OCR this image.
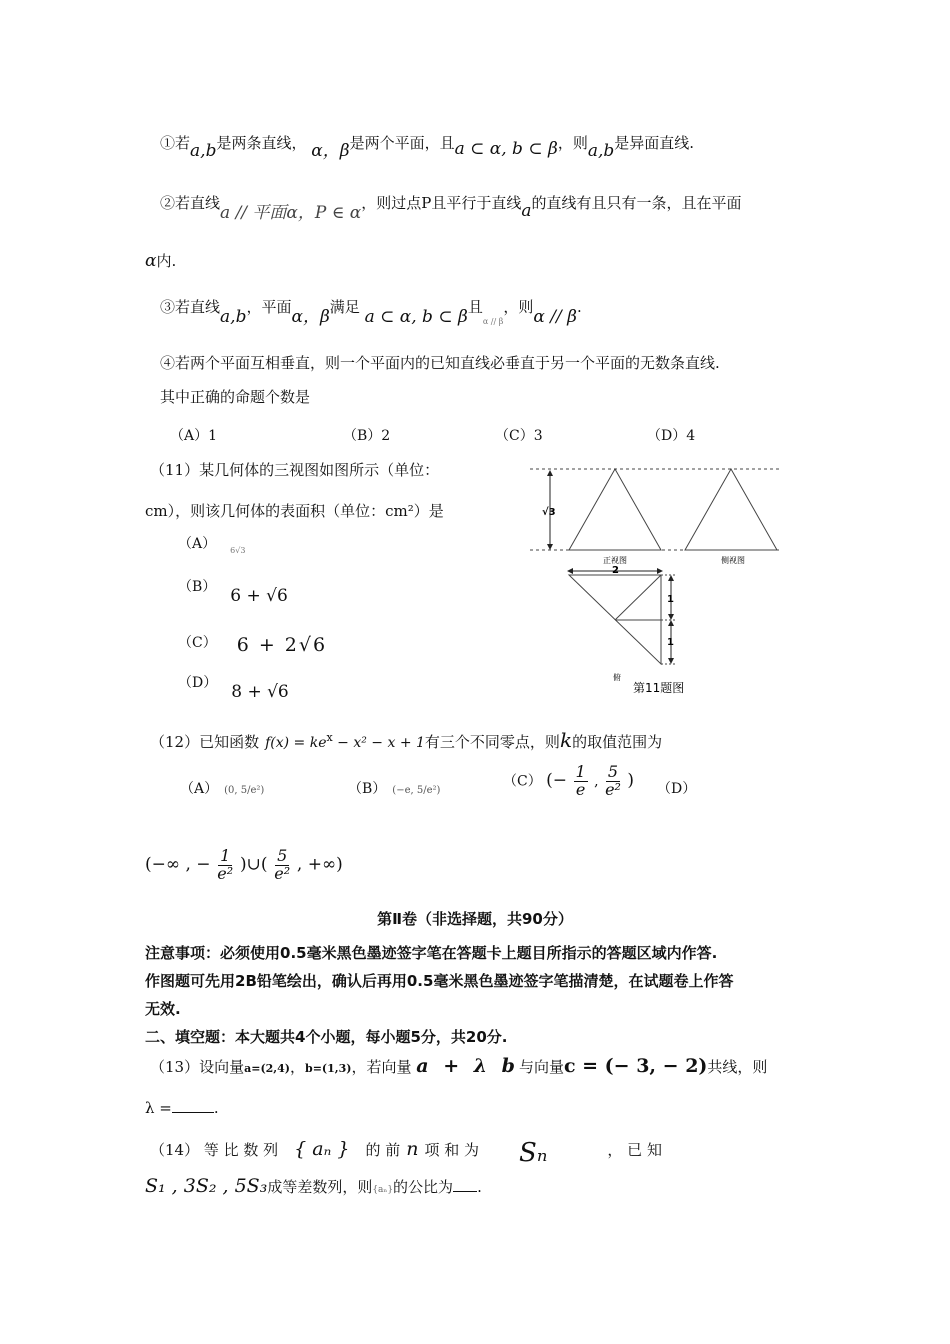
①若a,b是两条直线， α，β是两个平面，且a ⊂ α, b ⊂ β，则a,b是异面直线.
②若直线a // 平面α，P ∈ α，则过点P且平行于直线a的直线有且只有一条，且在平面
α内.
③若直线a,b，平面α，β满足 a ⊂ α, b ⊂ β且$_{\alpha // \beta}$，则α // β.
④若两个平面互相垂直，则一个平面内的已知直线必垂直于另一个平面的无数条直线.
其中正确的命题个数是
（A）1	（B）2	（C）3	（D）4
（11）某几何体的三视图如图所示（单位：
cm），则该几何体的表面积（单位：cm²）是
（A） $_{6√3}$
（B） 6 + √6
（C） 6 + 2√6
（D） 8 + √6
√3
正视图	侧视图
2
1
1
俯
第11题图
（12）已知函数 $f(x) = ke^x - x^2 - x + 1$有三个不同零点，则k的取值范围为
（A） (0, 5/e²)	（B） (−e, 5/e²)
（C） (− $\frac{1}{e}$ , $\frac{5}{\text{e²}}$ ) （D）
(−∞ , − $\frac{1}{\text{e²}}$ )∪( $\frac{5}{\text{e²}}$ , +∞)
第Ⅱ卷（非选择题，共90分）
注意事项：必须使用0.5毫米黑色墨迹签字笔在答题卡上题目所指示的答题区域内作答.
作图题可先用2B铅笔绘出，确认后再用0.5毫米黑色墨迹签字笔描清楚，在试题卷上作答
无效.
二、填空题：本大题共4个小题，每小题5分，共20分.
（13）设向量a=(2,4)，b=(1,3)，若向量 a + λ b与向量c = (− 3, − 2)共线，则
λ =	.
（14） 等 比 数 列 { aₙ } 的 前 n 项 和 为 Sₙ	， 已 知
S₁ , 3S₂ , 5S₃成等差数列，则{aₙ}的公比为 .
